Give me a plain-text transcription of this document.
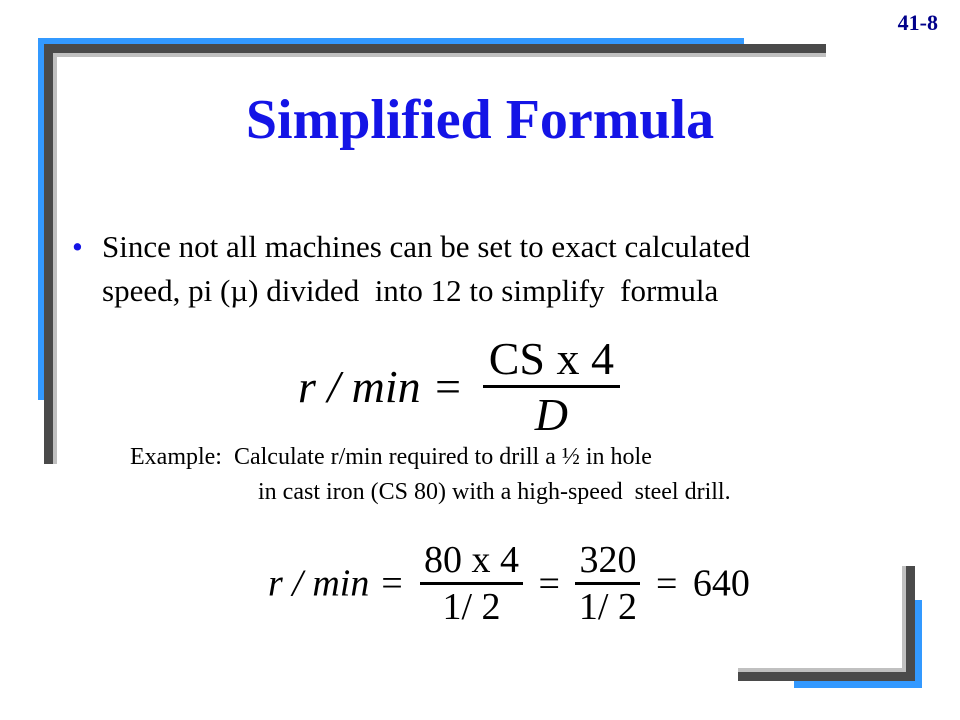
41-8
Simplified Formula
• Since not all machines can be set to exact calculated
speed, pi (µ) divided  into 12 to simplify  formula
$r / \min = \frac{\text{CS x 4}}{D}$
Example:  Calculate r/min required to drill a ½ in hole
in cast iron (CS 80) with a high-speed  steel drill.
$r / \min = \frac{80 x 4}{1/ 2} = \frac{320}{1/ 2} = 640$
